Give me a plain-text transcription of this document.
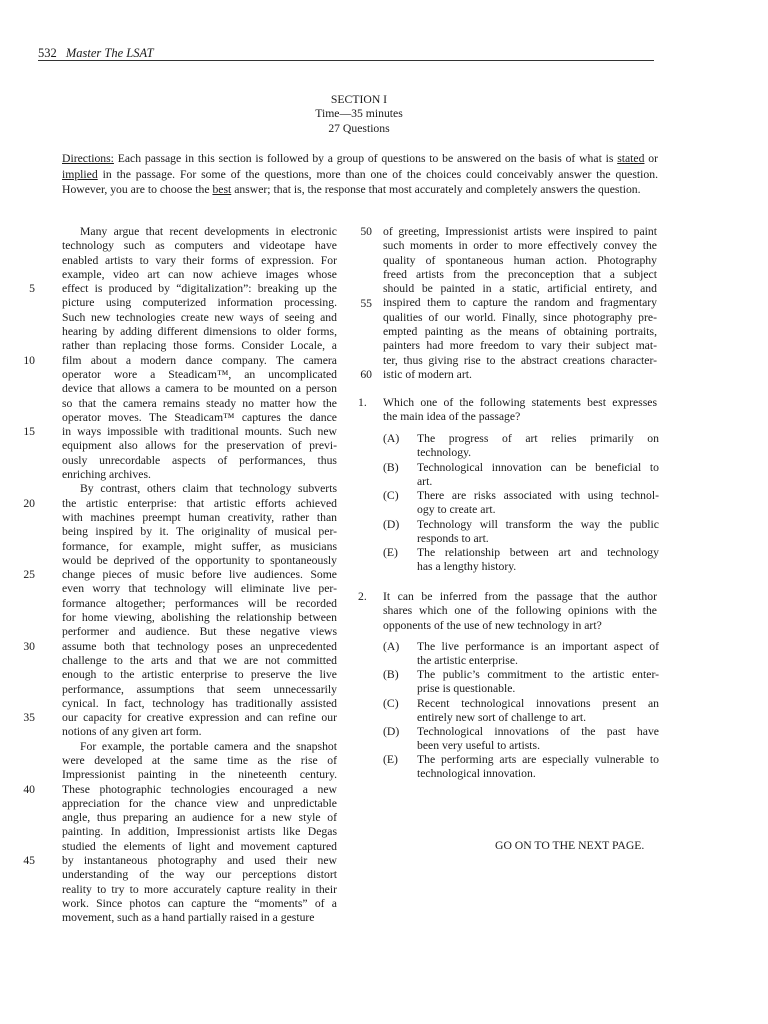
532 Master The LSAT
SECTION I
Time—35 minutes
27 Questions
Directions: Each passage in this section is followed by a group of questions to be answered on the basis of what is stated or implied in the passage. For some of the questions, more than one of the choices could conceivably answer the question. However, you are to choose the best answer; that is, the response that most accurately and completely answers the question.
Many argue that recent developments in electronic
technology such as computers and videotape have
enabled artists to vary their forms of expression. For
example, video art can now achieve images whose
effect is produced by “digitalization”: breaking up the
picture using computerized information processing.
Such new technologies create new ways of seeing and
hearing by adding different dimensions to older forms,
rather than replacing those forms. Consider Locale, a
film about a modern dance company. The camera
operator wore a Steadicam™, an uncomplicated
device that allows a camera to be mounted on a person
so that the camera remains steady no matter how the
operator moves. The Steadicam™ captures the dance
in ways impossible with traditional mounts. Such new
equipment also allows for the preservation of previ-
ously unrecordable aspects of performances, thus
enriching archives.
By contrast, others claim that technology subverts
the artistic enterprise: that artistic efforts achieved
with machines preempt human creativity, rather than
being inspired by it. The originality of musical per-
formance, for example, might suffer, as musicians
would be deprived of the opportunity to spontaneously
change pieces of music before live audiences. Some
even worry that technology will eliminate live per-
formance altogether; performances will be recorded
for home viewing, abolishing the relationship between
performer and audience. But these negative views
assume both that technology poses an unprecedented
challenge to the arts and that we are not committed
enough to the artistic enterprise to preserve the live
performance, assumptions that seem unnecessarily
cynical. In fact, technology has traditionally assisted
our capacity for creative expression and can refine our
notions of any given art form.
For example, the portable camera and the snapshot
were developed at the same time as the rise of
Impressionist painting in the nineteenth century.
These photographic technologies encouraged a new
appreciation for the chance view and unpredictable
angle, thus preparing an audience for a new style of
painting. In addition, Impressionist artists like Degas
studied the elements of light and movement captured
by instantaneous photography and used their new
understanding of the way our perceptions distort
reality to try to more accurately capture reality in their
work. Since photos can capture the “moments” of a
movement, such as a hand partially raised in a gesture
5
10
15
20
25
30
35
40
45
of greeting, Impressionist artists were inspired to paint
such moments in order to more effectively convey the
quality of spontaneous human action. Photography
freed artists from the preconception that a subject
should be painted in a static, artificial entirety, and
inspired them to capture the random and fragmentary
qualities of our world. Finally, since photography pre-
empted painting as the means of obtaining portraits,
painters had more freedom to vary their subject mat-
ter, thus giving rise to the abstract creations character-
istic of modern art.
50
55
60
1. Which one of the following statements best expresses
the main idea of the passage?
(A) The progress of art relies primarily on
technology.
(B) Technological innovation can be beneficial to
art.
(C) There are risks associated with using technol-
ogy to create art.
(D) Technology will transform the way the public
responds to art.
(E) The relationship between art and technology
has a lengthy history.
2. It can be inferred from the passage that the author
shares which one of the following opinions with the
opponents of the use of new technology in art?
(A) The live performance is an important aspect of
the artistic enterprise.
(B) The public’s commitment to the artistic enter-
prise is questionable.
(C) Recent technological innovations present an
entirely new sort of challenge to art.
(D) Technological innovations of the past have
been very useful to artists.
(E) The performing arts are especially vulnerable to
technological innovation.
GO ON TO THE NEXT PAGE.
